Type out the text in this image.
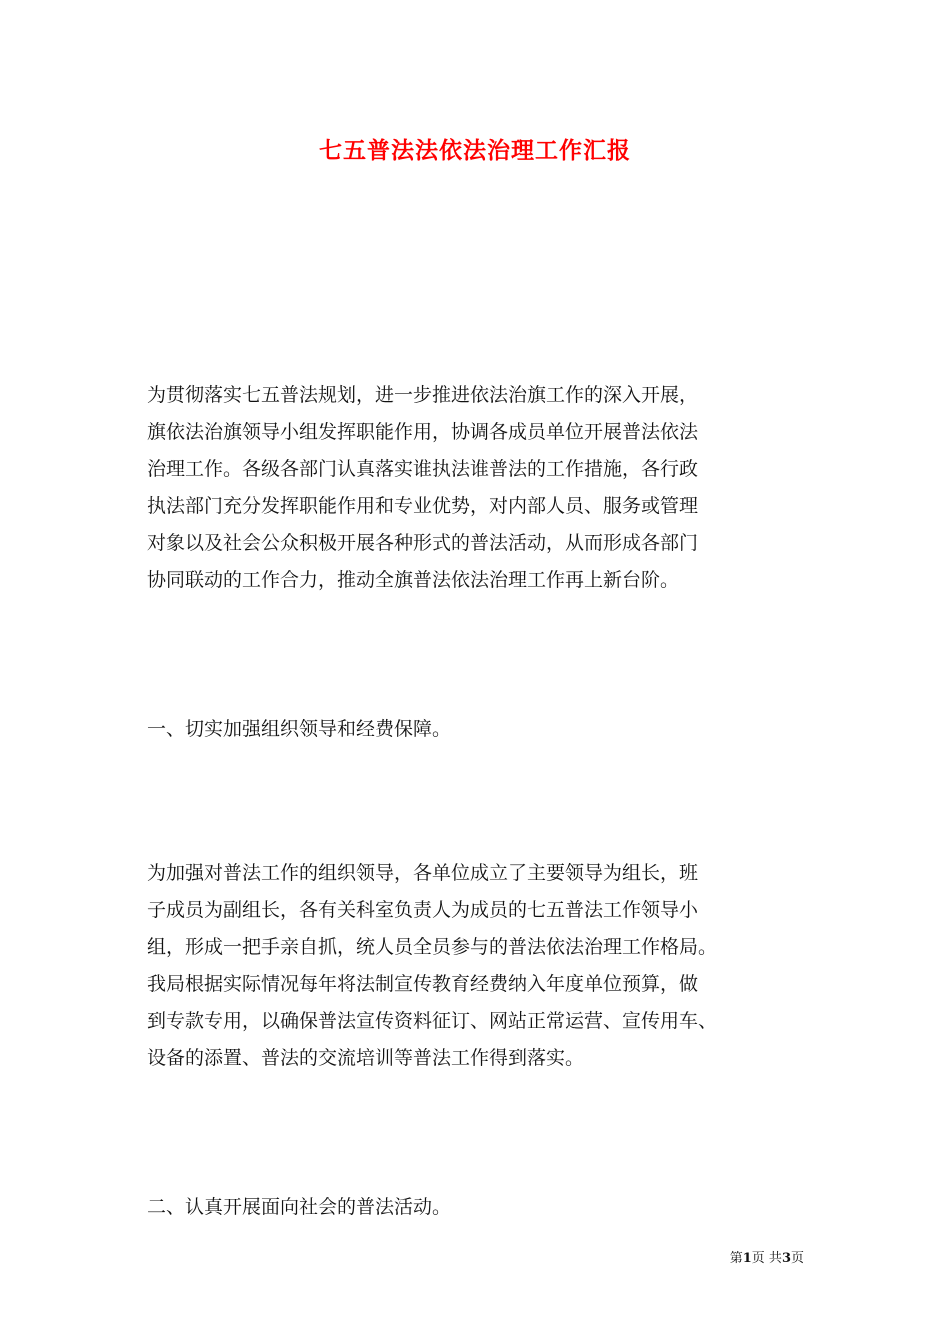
七五普法法依法治理工作汇报
为贯彻落实七五普法规划，进一步推进依法治旗工作的深入开展，
旗依法治旗领导小组发挥职能作用，协调各成员单位开展普法依法
治理工作。各级各部门认真落实谁执法谁普法的工作措施，各行政
执法部门充分发挥职能作用和专业优势，对内部人员、服务或管理
对象以及社会公众积极开展各种形式的普法活动，从而形成各部门
协同联动的工作合力，推动全旗普法依法治理工作再上新台阶。
一、切实加强组织领导和经费保障。
为加强对普法工作的组织领导，各单位成立了主要领导为组长，班
子成员为副组长，各有关科室负责人为成员的七五普法工作领导小
组，形成一把手亲自抓，统人员全员参与的普法依法治理工作格局。
我局根据实际情况每年将法制宣传教育经费纳入年度单位预算，做
到专款专用，以确保普法宣传资料征订、网站正常运营、宣传用车、
设备的添置、普法的交流培训等普法工作得到落实。
二、认真开展面向社会的普法活动。
第1页 共3页
